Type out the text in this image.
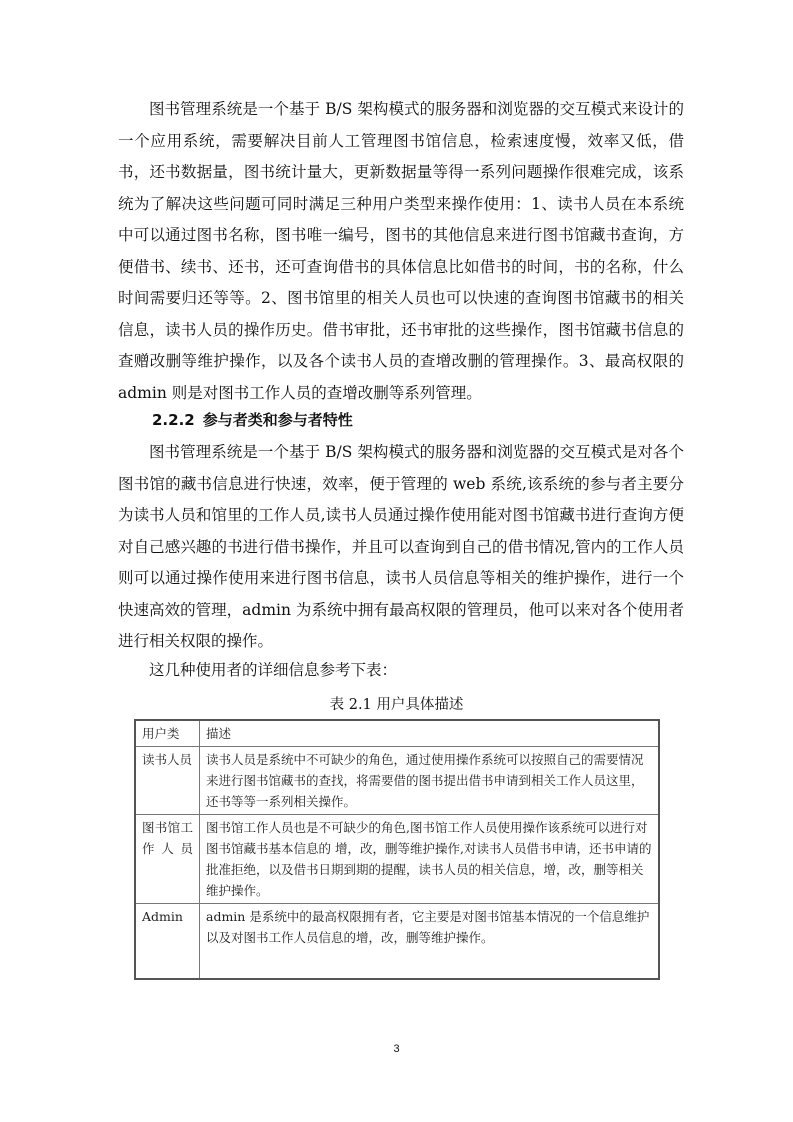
图书管理系统是一个基于 B/S 架构模式的服务器和浏览器的交互模式来设计的一个应用系统，需要解决目前人工管理图书馆信息，检索速度慢，效率又低，借书，还书数据量，图书统计量大，更新数据量等得一系列问题操作很难完成，该系统为了解决这些问题可同时满足三种用户类型来操作使用：1、读书人员在本系统中可以通过图书名称，图书唯一编号，图书的其他信息来进行图书馆藏书查询，方便借书、续书、还书，还可查询借书的具体信息比如借书的时间，书的名称，什么时间需要归还等等。2、图书馆里的相关人员也可以快速的查询图书馆藏书的相关信息，读书人员的操作历史。借书审批，还书审批的这些操作，图书馆藏书信息的查赠改删等维护操作，以及各个读书人员的查增改删的管理操作。3、最高权限的 admin 则是对图书工作人员的查增改删等系列管理。

2.2.2 参与者类和参与者特性

图书管理系统是一个基于 B/S 架构模式的服务器和浏览器的交互模式是对各个图书馆的藏书信息进行快速，效率，便于管理的 web 系统,该系统的参与者主要分为读书人员和馆里的工作人员,读书人员通过操作使用能对图书馆藏书进行查询方便对自己感兴趣的书进行借书操作，并且可以查询到自己的借书情况,管内的工作人员则可以通过操作使用来进行图书信息，读书人员信息等相关的维护操作，进行一个快速高效的管理，admin 为系统中拥有最高权限的管理员，他可以来对各个使用者进行相关权限的操作。

这几种使用者的详细信息参考下表：

表 2.1 用户具体描述
用户类	描述
读书人员	读书人员是系统中不可缺少的角色，通过使用操作系统可以按照自己的需要情况来进行图书馆藏书的查找，将需要借的图书提出借书申请到相关工作人员这里，还书等等一系列相关操作。
图书馆工作人员	图书馆工作人员也是不可缺少的角色,图书馆工作人员使用操作该系统可以进行对图书馆藏书基本信息的 增，改，删等维护操作,对读书人员借书申请，还书申请的批准拒绝，以及借书日期到期的提醒，读书人员的相关信息，增，改，删等相关维护操作。
Admin	admin 是系统中的最高权限拥有者，它主要是对图书馆基本情况的一个信息维护以及对图书工作人员信息的增，改，删等维护操作。
3
